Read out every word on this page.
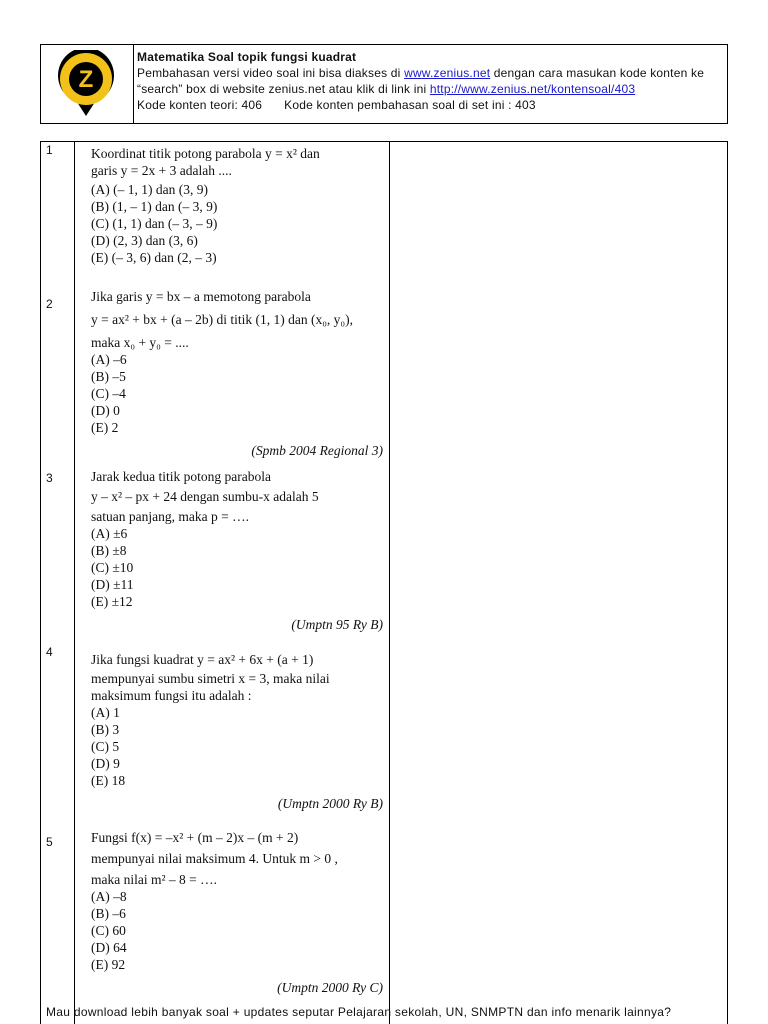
Z
Matematika Soal topik fungsi kuadrat
Pembahasan versi video soal ini bisa diakses di www.zenius.net dengan cara masukan kode konten ke
“search” box di website zenius.net atau klik di link ini http://www.zenius.net/kontensoal/403
Kode konten teori: 406 Kode konten pembahasan soal di set ini : 403
1	Koordinat titik potong parabola y = x² dan
garis y = 2x + 3 adalah ....
(A) (– 1, 1) dan (3, 9)
(B) (1, – 1) dan (– 3, 9)
(C) (1, 1) dan (– 3, – 9)
(D) (2, 3) dan (3, 6)
(E) (– 3, 6) dan (2, – 3)
2	Jika garis y = bx – a memotong parabola
y = ax² + bx + (a – 2b) di titik (1, 1) dan (x₀, y₀),
maka x₀ + y₀ = ....
(A) –6
(B) –5
(C) –4
(D) 0
(E) 2
(Spmb 2004 Regional 3)
3	Jarak kedua titik potong parabola
y – x² – px + 24 dengan sumbu-x adalah 5
satuan panjang, maka p = ….
(A) ±6
(B) ±8
(C) ±10
(D) ±11
(E) ±12
(Umptn 95 Ry B)
4	Jika fungsi kuadrat y = ax² + 6x + (a + 1)
mempunyai sumbu simetri x = 3, maka nilai
maksimum fungsi itu adalah :
(A) 1
(B) 3
(C) 5
(D) 9
(E) 18
(Umptn 2000 Ry B)
5	Fungsi f(x) = –x² + (m – 2)x – (m + 2)
mempunyai nilai maksimum 4. Untuk m > 0 ,
maka nilai m² – 8 = ….
(A) –8
(B) –6
(C) 60
(D) 64
(E) 92
(Umptn 2000 Ry C)
Mau download lebih banyak soal + updates seputar Pelajaran sekolah, UN, SNMPTN dan info menarik lainnya?
